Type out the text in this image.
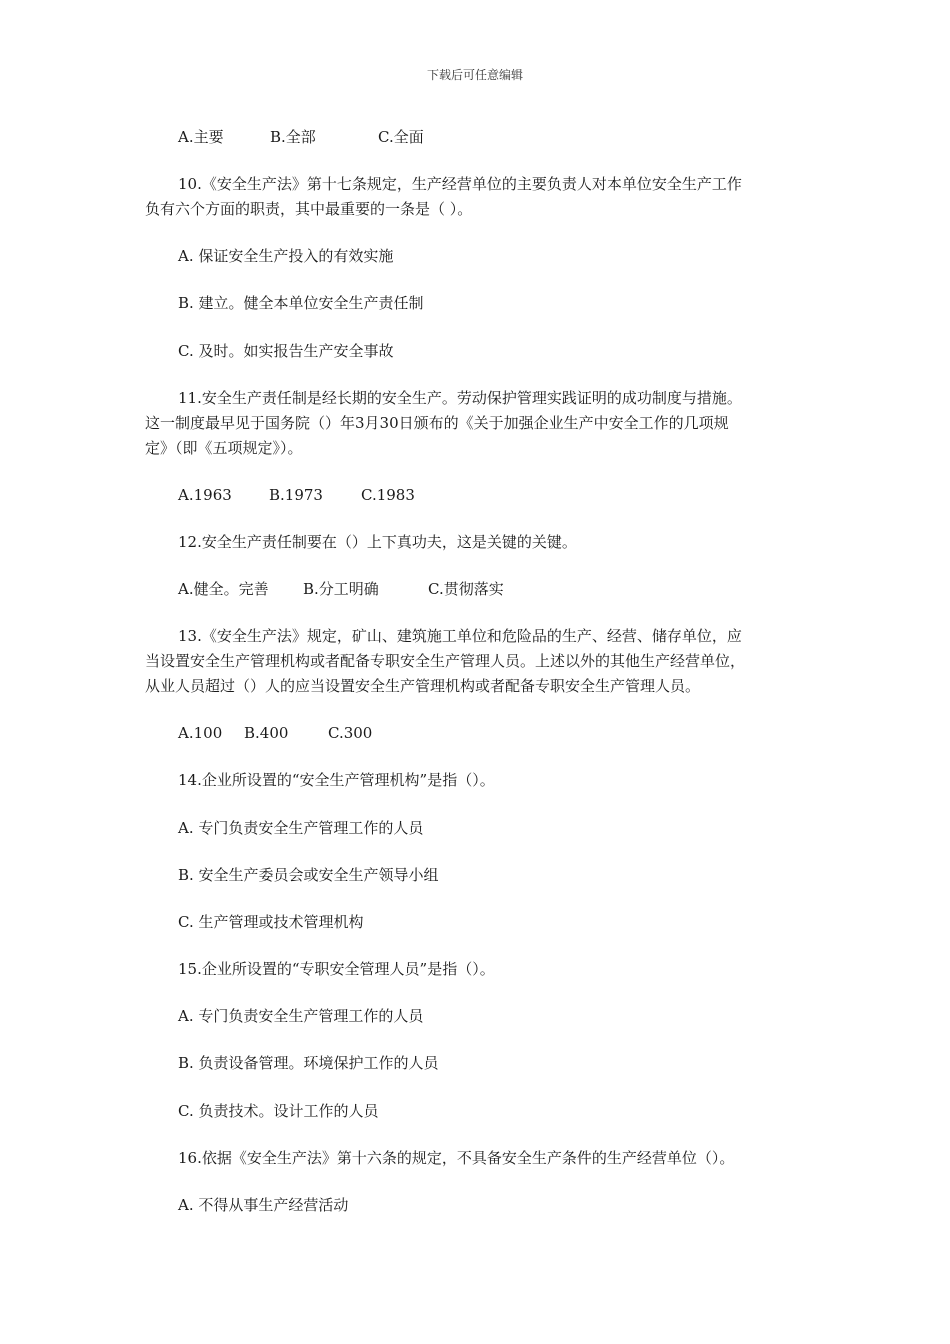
下载后可任意编辑
A.主要	B.全部	C.全面
10.《安全生产法》第十七条规定，生产经营单位的主要负责人对本单位安全生产工作
负有六个方面的职责，其中最重要的一条是（ ）。
A. 保证安全生产投入的有效实施
B. 建立。健全本单位安全生产责任制
C. 及时。如实报告生产安全事故
11.安全生产责任制是经长期的安全生产。劳动保护管理实践证明的成功制度与措施。
这一制度最早见于国务院（）年3月30日颁布的《关于加强企业生产中安全工作的几项规
定》（即《五项规定》）。
A.1963 B.1973	C.1983
12.安全生产责任制要在（）上下真功夫，这是关键的关键。
A.健全。完善 B.分工明确	C.贯彻落实
13.《安全生产法》规定，矿山、建筑施工单位和危险品的生产、经营、储存单位，应
当设置安全生产管理机构或者配备专职安全生产管理人员。上述以外的其他生产经营单位，
从业人员超过（）人的应当设置安全生产管理机构或者配备专职安全生产管理人员。
A.100 B.400	C.300
14.企业所设置的“安全生产管理机构”是指（）。
A. 专门负责安全生产管理工作的人员
B. 安全生产委员会或安全生产领导小组
C. 生产管理或技术管理机构
15.企业所设置的“专职安全管理人员”是指（）。
A. 专门负责安全生产管理工作的人员
B. 负责设备管理。环境保护工作的人员
C. 负责技术。设计工作的人员
16.依据《安全生产法》第十六条的规定，不具备安全生产条件的生产经营单位（）。
A. 不得从事生产经营活动
